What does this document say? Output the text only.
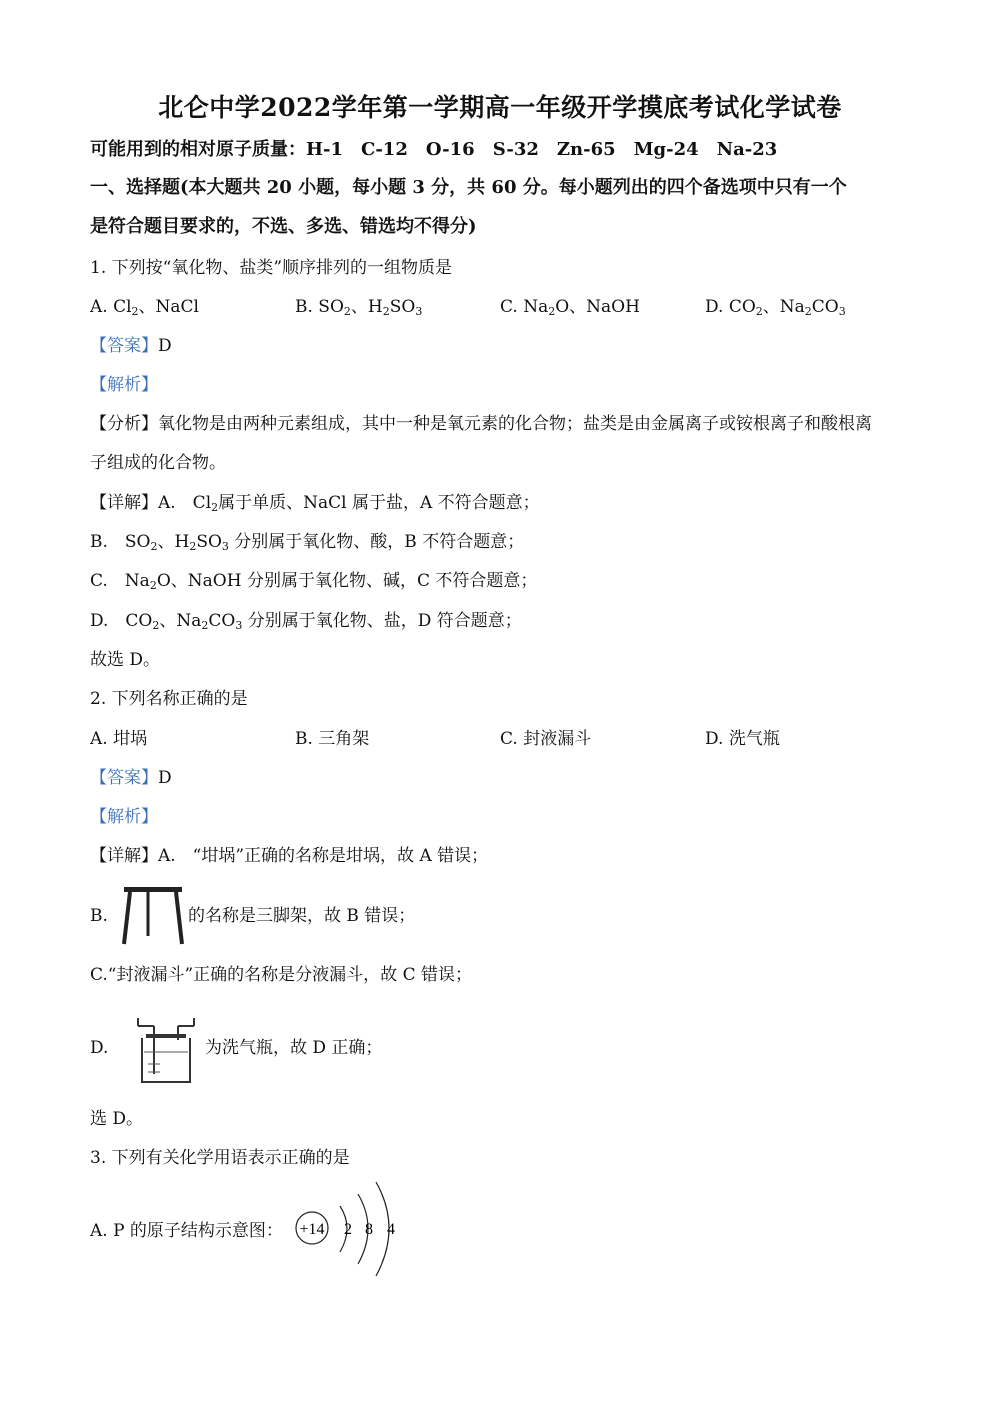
北仑中学2022学年第一学期高一年级开学摸底考试化学试卷
可能用到的相对原子质量：H-1　C-12　O-16　S-32　Zn-65　Mg-24　Na-23
一、选择题(本大题共 20 小题，每小题 3 分，共 60 分。每小题列出的四个备选项中只有一个
是符合题目要求的，不选、多选、错选均不得分)
1. 下列按“氧化物、盐类”顺序排列的一组物质是
A. $Cl_2$、NaCl	B. $SO_2$、$H_2SO_3$	C. $Na_2O$、NaOH	D. $CO_2$、$Na_2CO_3$
【答案】D
【解析】
【分析】氧化物是由两种元素组成，其中一种是氧元素的化合物；盐类是由金属离子或铵根离子和酸根离
子组成的化合物。
【详解】A.　$Cl_2$属于单质、NaCl 属于盐，A 不符合题意；
B.　$SO_2$、$H_2SO_3$ 分别属于氧化物、酸，B 不符合题意；
C.　$Na_2O$、NaOH 分别属于氧化物、碱，C 不符合题意；
D.　$CO_2$、$Na_2CO_3$ 分别属于氧化物、盐，D 符合题意；
故选 D。
2. 下列名称正确的是
A. 坩埚	B. 三角架	C. 封液漏斗	D. 洗气瓶
【答案】D
【解析】
【详解】A.　“坩埚”正确的名称是坩埚，故 A 错误；
B.	的名称是三脚架，故 B 错误；
C.“封液漏斗”正确的名称是分液漏斗，故 C 错误；
D.	为洗气瓶，故 D 正确；
选 D。
3. 下列有关化学用语表示正确的是
A. P 的原子结构示意图： +14 2 8 4
